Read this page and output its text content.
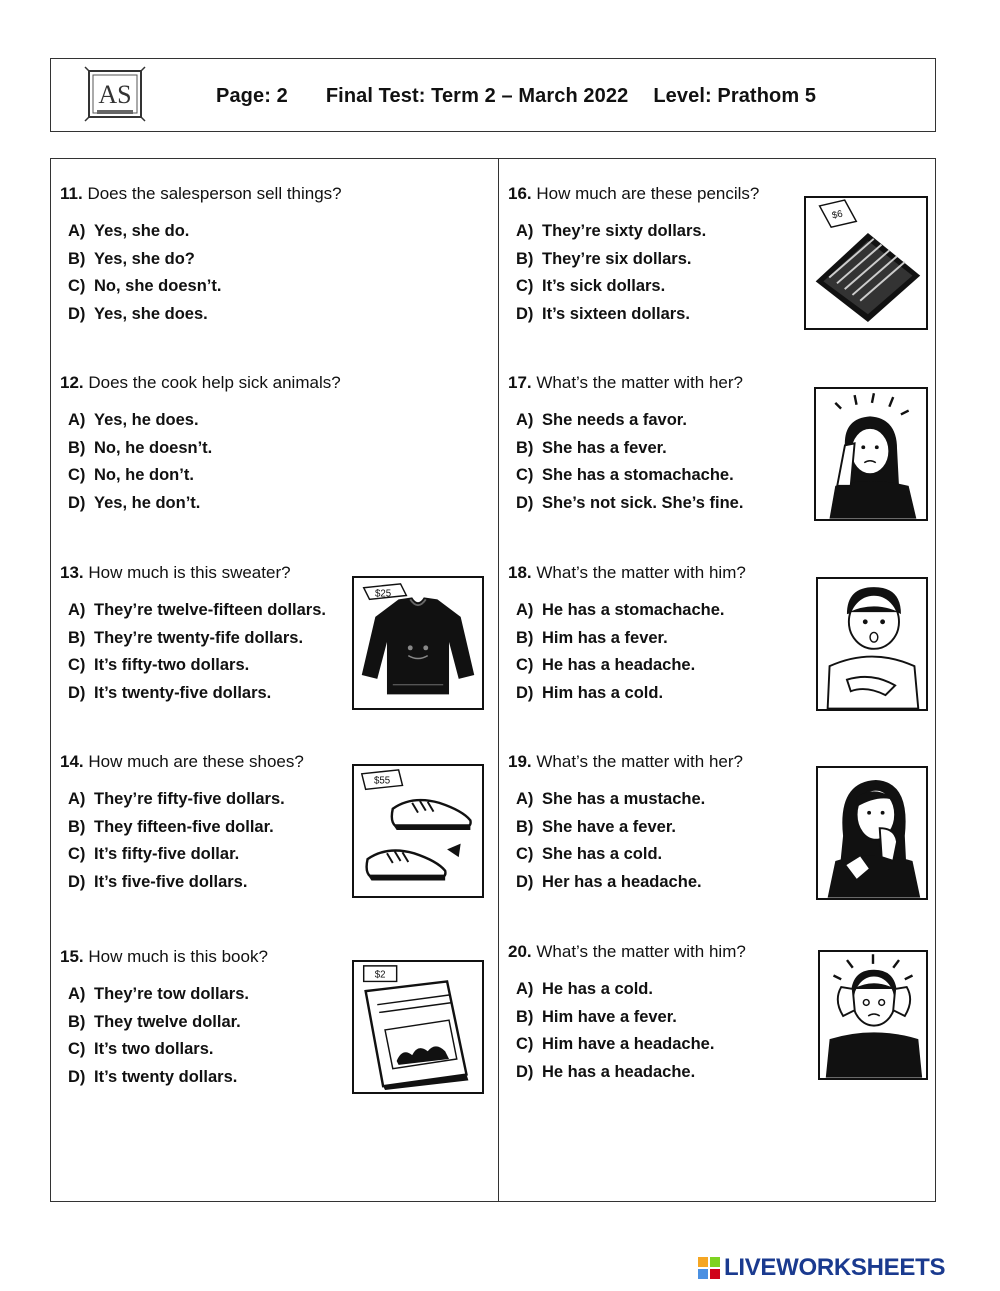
AS	Page: 2 Final Test: Term 2 – March 2022 Level: Prathom 5
11. Does the salesperson sell things?
A) Yes, she do.
B) Yes, she do?
C) No, she doesn’t.
D) Yes, she does.
12. Does the cook help sick animals?
A) Yes, he does.
B) No, he doesn’t.
C) No, he don’t.
D) Yes, he don’t.
13. How much is this sweater?
A) They’re twelve-fifteen dollars.
B) They’re twenty-fife dollars.
C) It’s fifty-two dollars.
D) It’s twenty-five dollars.
14. How much are these shoes?
A) They’re fifty-five dollars.
B) They fifteen-five dollar.
C) It’s fifty-five dollar.
D) It’s five-five dollars.
15. How much is this book?
A) They’re tow dollars.
B) They twelve dollar.
C) It’s two dollars.
D) It’s twenty dollars.
16. How much are these pencils?
A) They’re sixty dollars.
B) They’re six dollars.
C) It’s sick dollars.
D) It’s sixteen dollars.
17. What’s the matter with her?
A) She needs a favor.
B) She has a fever.
C) She has a stomachache.
D) She’s not sick. She’s fine.
18. What’s the matter with him?
A) He has a stomachache.
B) Him has a fever.
C) He has a headache.
D) Him has a cold.
19. What’s the matter with her?
A) She has a mustache.
B) She have a fever.
C) She has a cold.
D) Her has a headache.
20. What’s the matter with him?
A) He has a cold.
B) Him have a fever.
C) Him have a headache.
D) He has a headache.
$25
$55
$2
$6
LIVEWORKSHEETS
